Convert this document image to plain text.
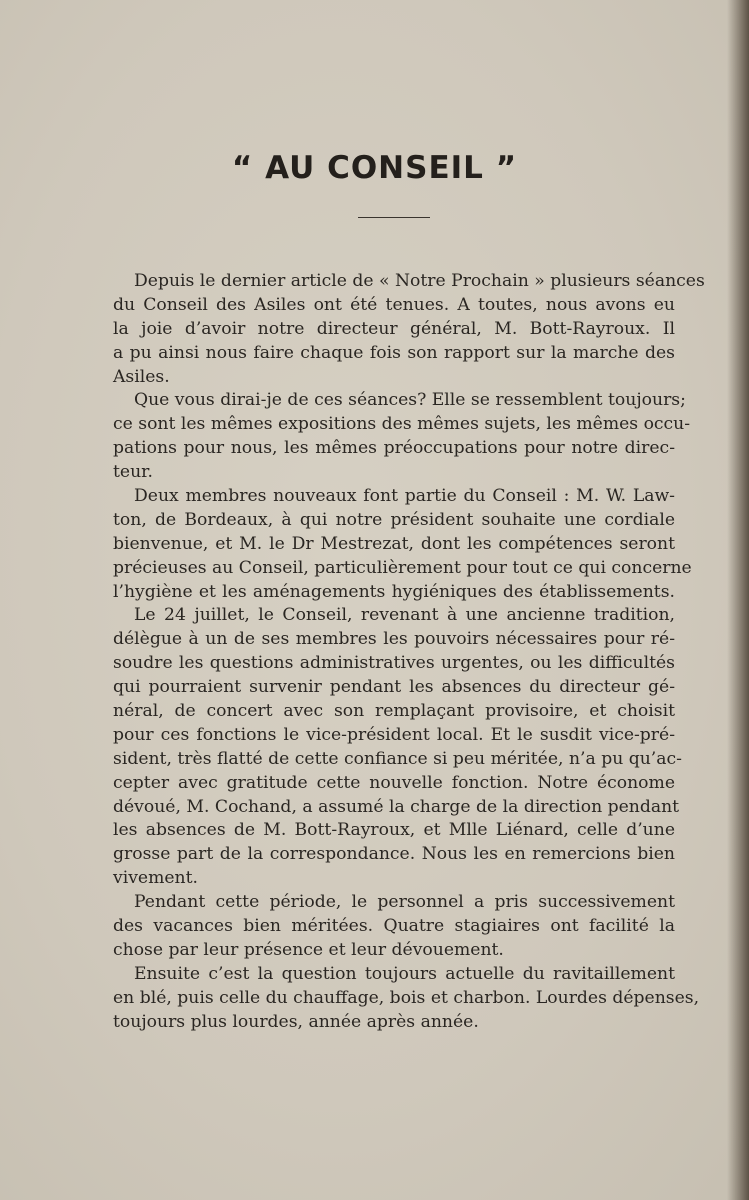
“ AU CONSEIL ”
Depuis le dernier article de « Notre Prochain » plusieurs séances
du Conseil des Asiles ont été tenues. A toutes, nous avons eu
la joie d’avoir notre directeur général, M. Bott-Rayroux. Il
a pu ainsi nous faire chaque fois son rapport sur la marche des
Asiles.
Que vous dirai-je de ces séances? Elle se ressemblent toujours;
ce sont les mêmes expositions des mêmes sujets, les mêmes occu-
pations pour nous, les mêmes préoccupations pour notre direc-
teur.
Deux membres nouveaux font partie du Conseil : M. W. Law-
ton, de Bordeaux, à qui notre président souhaite une cordiale
bienvenue, et M. le Dr Mestrezat, dont les compétences seront
précieuses au Conseil, particulièrement pour tout ce qui concerne
l’hygiène et les aménagements hygiéniques des établissements.
Le 24 juillet, le Conseil, revenant à une ancienne tradition,
délègue à un de ses membres les pouvoirs nécessaires pour ré-
soudre les questions administratives urgentes, ou les difficultés
qui pourraient survenir pendant les absences du directeur gé-
néral, de concert avec son remplaçant provisoire, et choisit
pour ces fonctions le vice-président local. Et le susdit vice-pré-
sident, très flatté de cette confiance si peu méritée, n’a pu qu’ac-
cepter avec gratitude cette nouvelle fonction. Notre économe
dévoué, M. Cochand, a assumé la charge de la direction pendant
les absences de M. Bott-Rayroux, et Mlle Liénard, celle d’une
grosse part de la correspondance. Nous les en remercions bien
vivement.
Pendant cette période, le personnel a pris successivement
des vacances bien méritées. Quatre stagiaires ont facilité la
chose par leur présence et leur dévouement.
Ensuite c’est la question toujours actuelle du ravitaillement
en blé, puis celle du chauffage, bois et charbon. Lourdes dépenses,
toujours plus lourdes, année après année.
